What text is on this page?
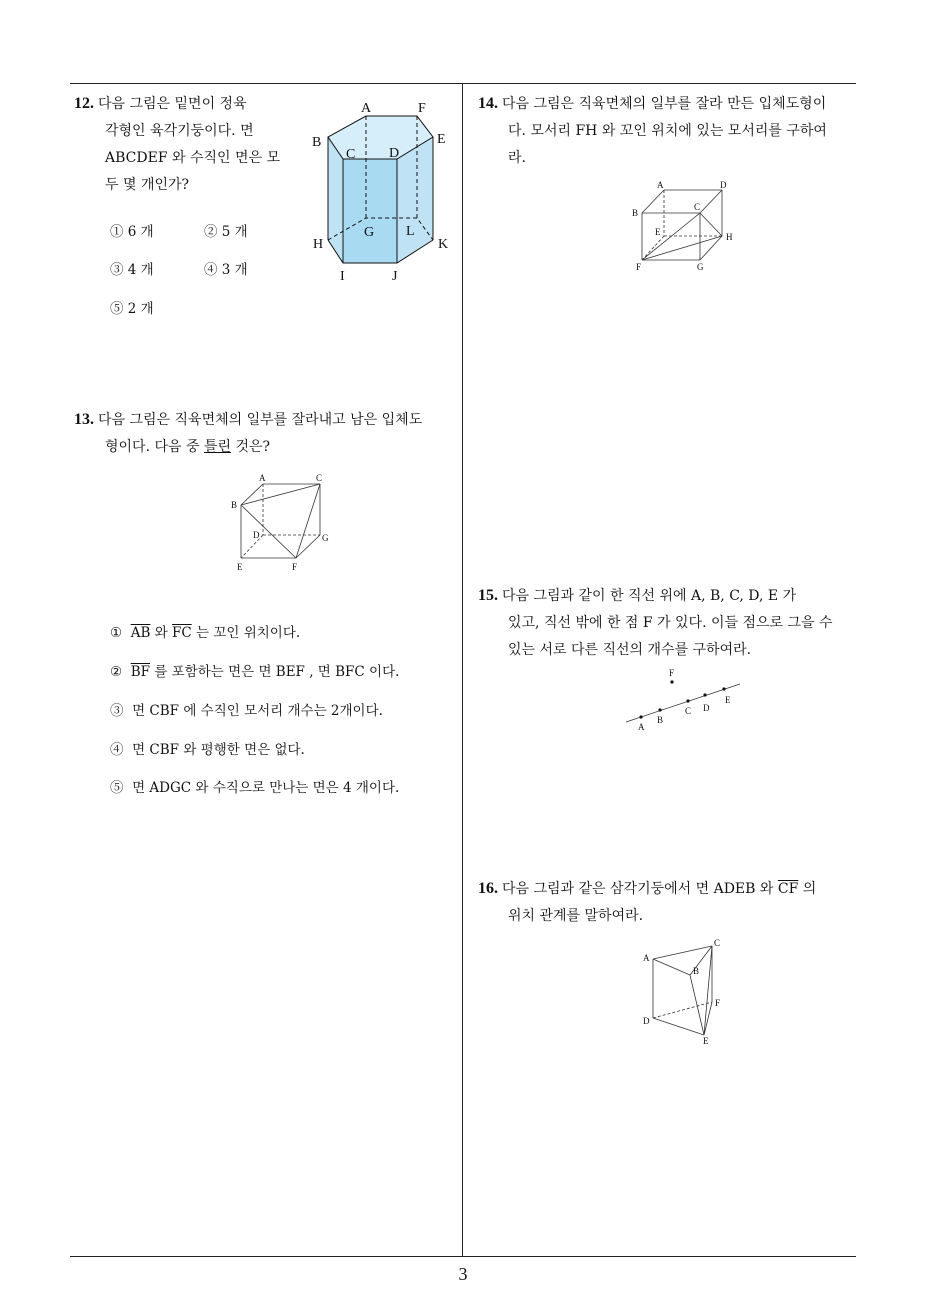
12. 다음 그림은 밑면이 정육
각형인 육각기둥이다. 면
ABCDEF 와 수직인 면은 모
두 몇 개인가?
① 6 개	② 5 개
③ 4 개	④ 3 개
⑤ 2 개
A	F
B	E
C D
G L
H	K
I	J
13. 다음 그림은 직육면체의 일부를 잘라내고 남은 입체도
형이다. 다음 중 틀린 것은?
A	C
B
D	G
E	F
① $\overline{AB}$ 와 $\overline{FC}$ 는 꼬인 위치이다.
② $\overline{BF}$ 를 포함하는 면은 면 BEF , 면 BFC 이다.
③ 면 CBF 에 수직인 모서리 개수는 2개이다.
④ 면 CBF 와 평행한 면은 없다.
⑤ 면 ADGC 와 수직으로 만나는 면은 4 개이다.
14. 다음 그림은 직육면체의 일부를 잘라 만든 입체도형이
다. 모서리 FH 와 꼬인 위치에 있는 모서리를 구하여
라.
A	D
B
C
E	H
F	G
15. 다음 그림과 같이 한 직선 위에 A, B, C, D, E 가
있고, 직선 밖에 한 점 F 가 있다. 이들 점으로 그을 수
있는 서로 다른 직선의 개수를 구하여라.
F
A
B
C D
E
16. 다음 그림과 같은 삼각기둥에서 면 ADEB 와 $\overline{CF}$ 의
위치 관계를 말하여라.
A
C
B
F
D
E
3
